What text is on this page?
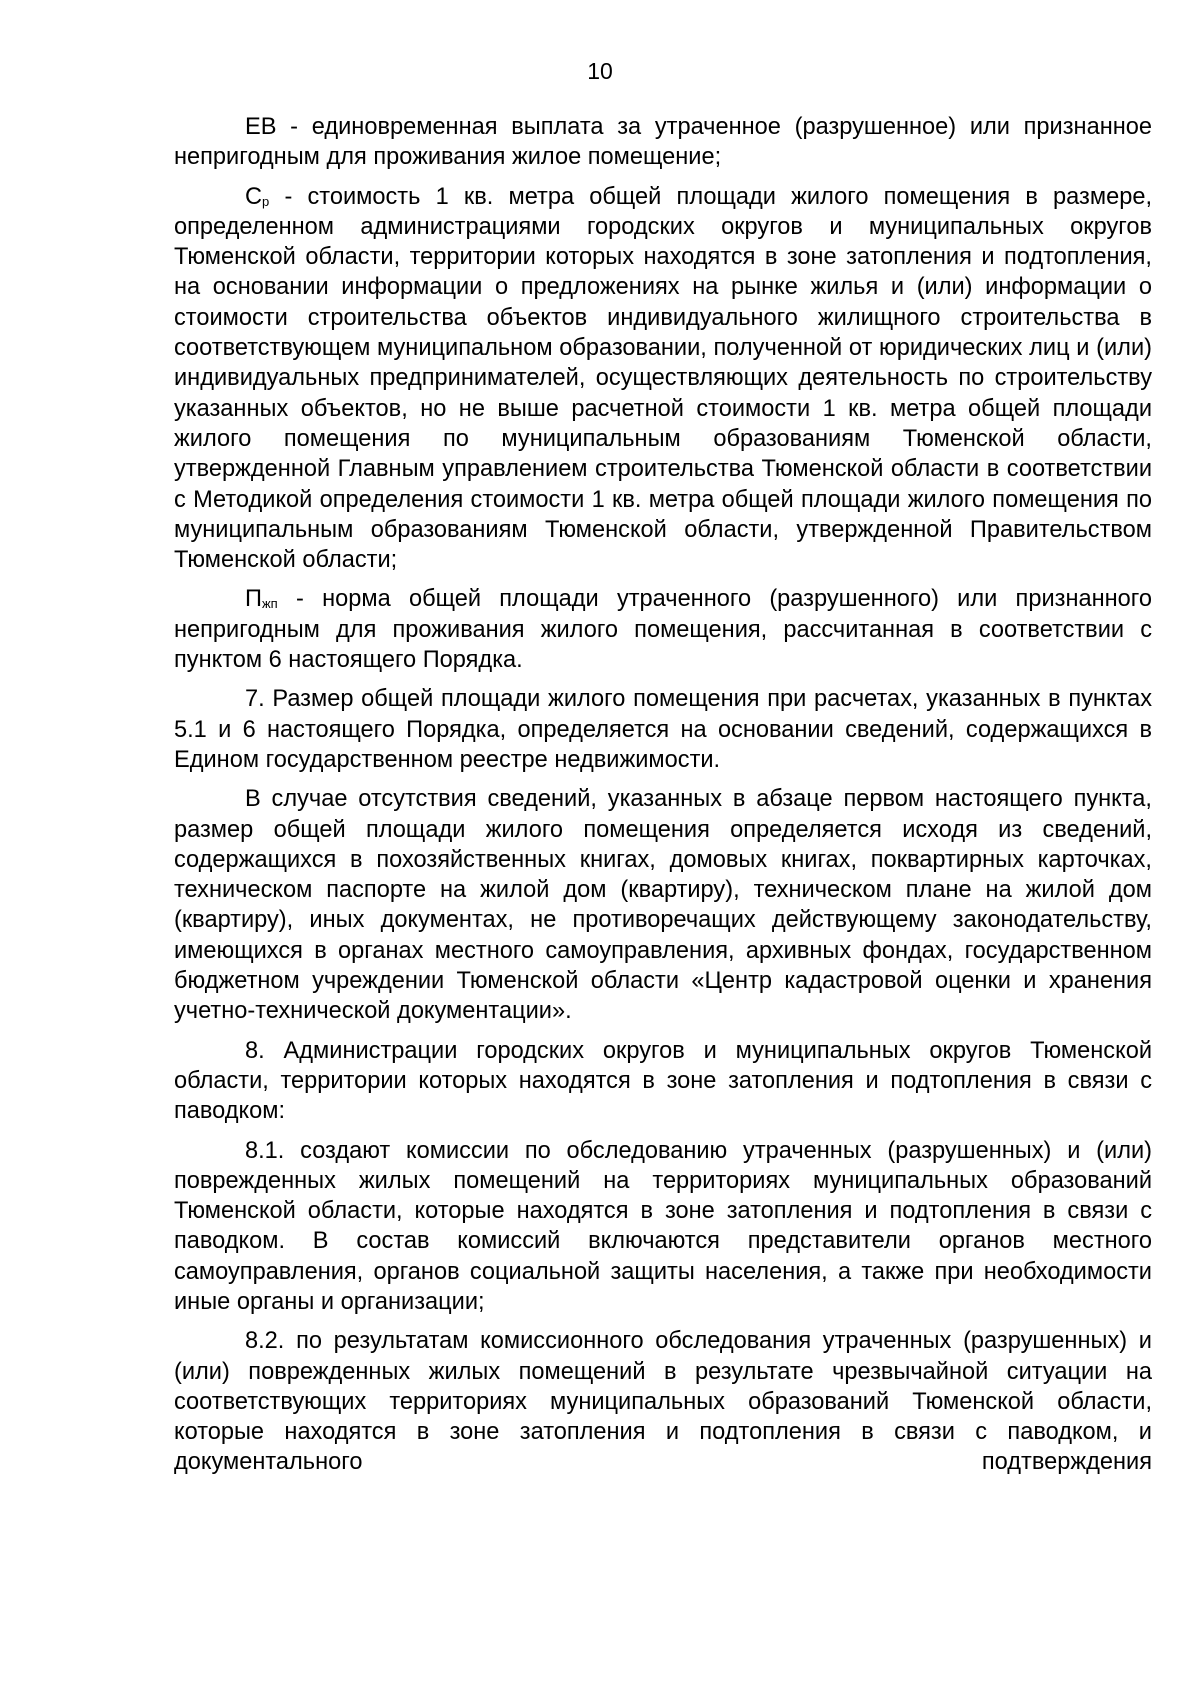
10

ЕВ - единовременная выплата за утраченное (разрушенное) или признанное непригодным для проживания жилое помещение;

$С_р$ - стоимость 1 кв. метра общей площади жилого помещения в размере, определенном администрациями городских округов и муниципальных округов Тюменской области, территории которых находятся в зоне затопления и подтопления, на основании информации о предложениях на рынке жилья и (или) информации о стоимости строительства объектов индивидуального жилищного строительства в соответствующем муниципальном образовании, полученной от юридических лиц и (или) индивидуальных предпринимателей, осуществляющих деятельность по строительству указанных объектов, но не выше расчетной стоимости 1 кв. метра общей площади жилого помещения по муниципальным образованиям Тюменской области, утвержденной Главным управлением строительства Тюменской области в соответствии с Методикой определения стоимости 1 кв. метра общей площади жилого помещения по муниципальным образованиям Тюменской области, утвержденной Правительством Тюменской области;

$П_{жп}$ - норма общей площади утраченного (разрушенного) или признанного непригодным для проживания жилого помещения, рассчитанная в соответствии с пунктом 6 настоящего Порядка.

7. Размер общей площади жилого помещения при расчетах, указанных в пунктах 5.1 и 6 настоящего Порядка, определяется на основании сведений, содержащихся в Едином государственном реестре недвижимости.

В случае отсутствия сведений, указанных в абзаце первом настоящего пункта, размер общей площади жилого помещения определяется исходя из сведений, содержащихся в похозяйственных книгах, домовых книгах, поквартирных карточках, техническом паспорте на жилой дом (квартиру), техническом плане на жилой дом (квартиру), иных документах, не противоречащих действующему законодательству, имеющихся в органах местного самоуправления, архивных фондах, государственном бюджетном учреждении Тюменской области «Центр кадастровой оценки и хранения учетно-технической документации».

8. Администрации городских округов и муниципальных округов Тюменской области, территории которых находятся в зоне затопления и подтопления в связи с паводком:

8.1. создают комиссии по обследованию утраченных (разрушенных) и (или) поврежденных жилых помещений на территориях муниципальных образований Тюменской области, которые находятся в зоне затопления и подтопления в связи с паводком. В состав комиссий включаются представители органов местного самоуправления, органов социальной защиты населения, а также при необходимости иные органы и организации;

8.2. по результатам комиссионного обследования утраченных (разрушенных) и (или) поврежденных жилых помещений в результате чрезвычайной ситуации на соответствующих территориях муниципальных образований Тюменской области, которые находятся в зоне затопления и подтопления в связи с паводком, и документального подтверждения
